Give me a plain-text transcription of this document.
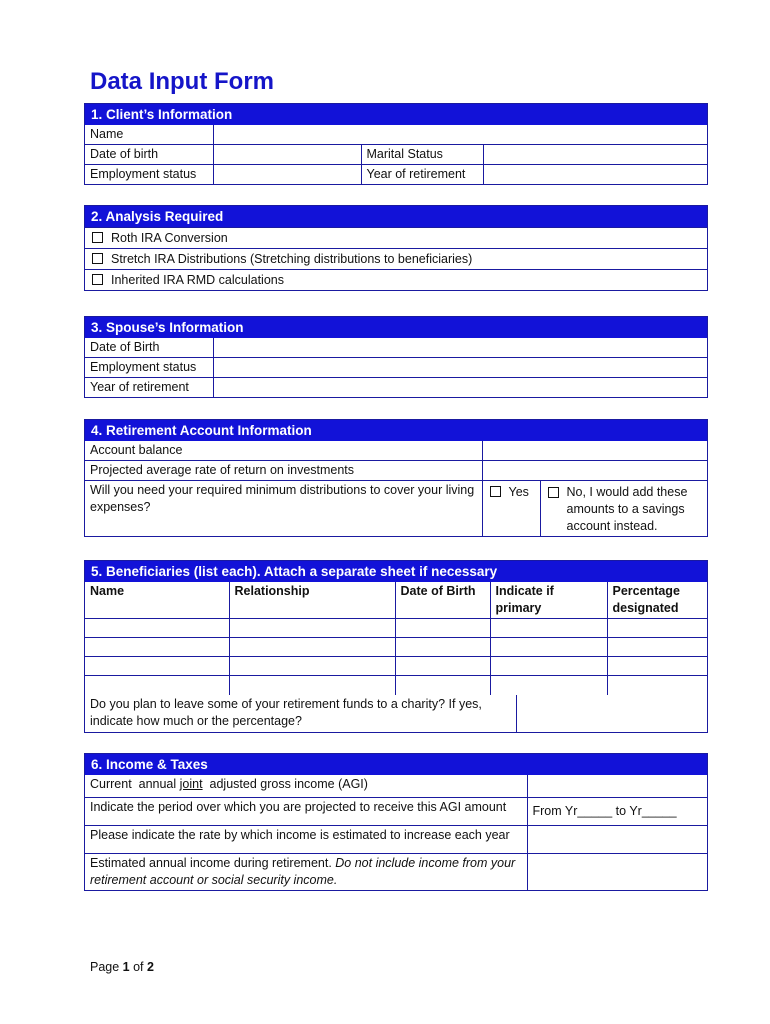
Data Input Form
1. Client’s Information
Name			
Date of birth		Marital Status	
Employment status		Year of retirement	
2. Analysis Required
Roth IRA Conversion
Stretch IRA Distributions (Stretching distributions to beneficiaries)
Inherited IRA RMD calculations
3. Spouse’s Information
Date of Birth	
Employment status	
Year of retirement	
4. Retirement Account Information
Account balance		
Projected average rate of return on investments		
Will you need your required minimum distributions to cover your living expenses?	Yes	No, I would add these amounts to a savings account instead.
5. Beneficiaries (list each). Attach a separate sheet if necessary
Name	Relationship	Date of Birth	Indicate if primary	Percentage designated

Do you plan to leave some of your retirement funds to a charity? If yes, indicate how much or the percentage?	
6. Income & Taxes
Current  annual joint  adjusted gross income (AGI)	
Indicate the period over which you are projected to receive this AGI amount	From Yr_____ to Yr_____
Please indicate the rate by which income is estimated to increase each year	
Estimated annual income during retirement. Do not include income from your retirement account or social security income.	
Page 1 of 2
